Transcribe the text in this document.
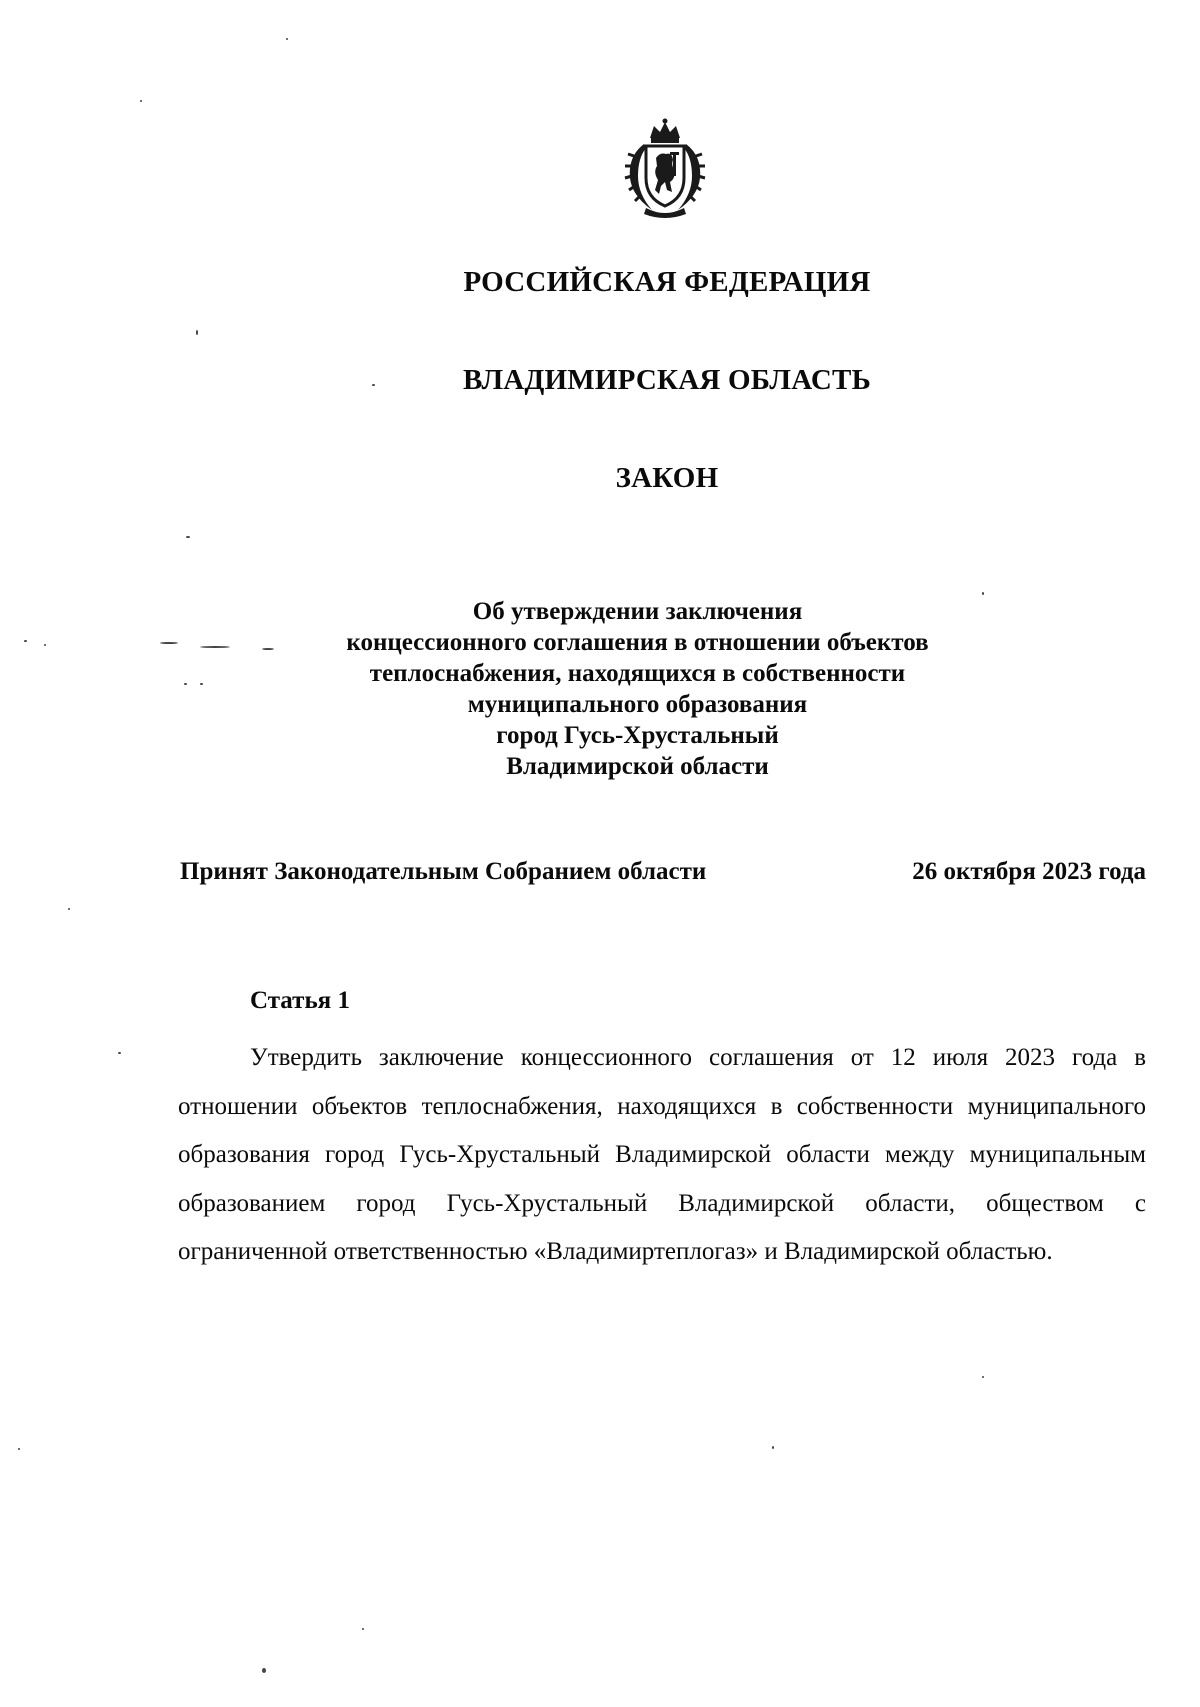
РОССИЙСКАЯ ФЕДЕРАЦИЯ
ВЛАДИМИРСКАЯ ОБЛАСТЬ
ЗАКОН
Об утверждении заключения
концессионного соглашения в отношении объектов
теплоснабжения, находящихся в собственности
муниципального образования
город Гусь-Хрустальный
Владимирской области
Принят Законодательным Собранием области	26 октября 2023 года
Статья 1
Утвердить заключение концессионного соглашения от 12 июля 2023 года в отношении объектов теплоснабжения, находящихся в собственности муниципального образования город Гусь-Хрустальный Владимирской области между муниципальным образованием город Гусь-Хрустальный Владимирской области, обществом с ограниченной ответственностью «Владимиртеплогаз» и Владимирской областью.
